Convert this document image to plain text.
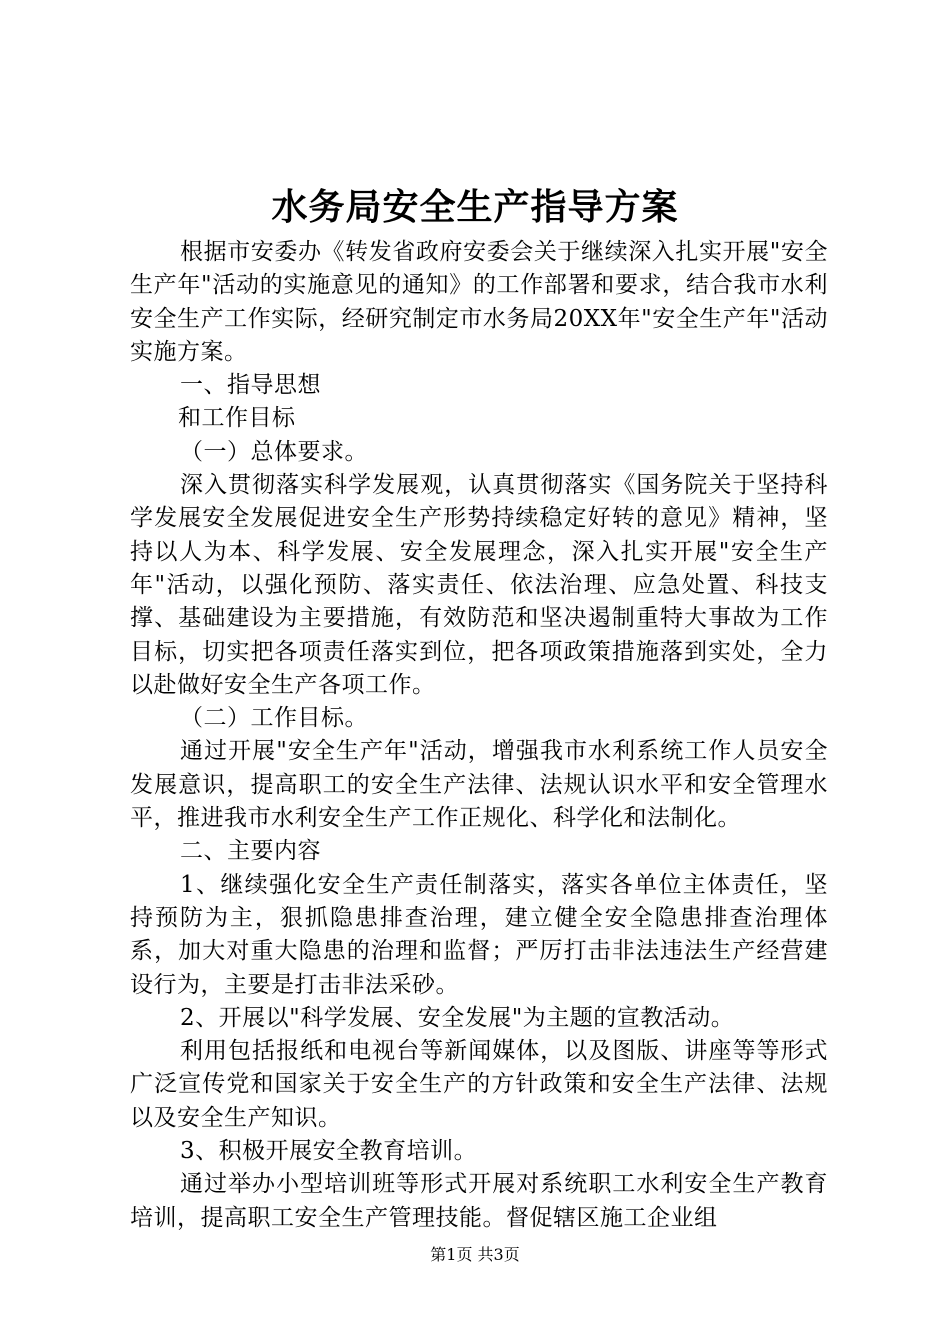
水务局安全生产指导方案

根据市安委办《转发省政府安委会关于继续深入扎实开展"安全生产年"活动的实施意见的通知》的工作部署和要求，结合我市水利安全生产工作实际，经研究制定市水务局20XX年"安全生产年"活动实施方案。

一、指导思想

和工作目标

（一）总体要求。

深入贯彻落实科学发展观，认真贯彻落实《国务院关于坚持科学发展安全发展促进安全生产形势持续稳定好转的意见》精神，坚持以人为本、科学发展、安全发展理念，深入扎实开展"安全生产年"活动，以强化预防、落实责任、依法治理、应急处置、科技支撑、基础建设为主要措施，有效防范和坚决遏制重特大事故为工作目标，切实把各项责任落实到位，把各项政策措施落到实处，全力以赴做好安全生产各项工作。

（二）工作目标。

通过开展"安全生产年"活动，增强我市水利系统工作人员安全发展意识，提高职工的安全生产法律、法规认识水平和安全管理水平，推进我市水利安全生产工作正规化、科学化和法制化。

二、主要内容

1、继续强化安全生产责任制落实，落实各单位主体责任，坚持预防为主，狠抓隐患排查治理，建立健全安全隐患排查治理体系，加大对重大隐患的治理和监督；严厉打击非法违法生产经营建设行为，主要是打击非法采砂。

2、开展以"科学发展、安全发展"为主题的宣教活动。

利用包括报纸和电视台等新闻媒体，以及图版、讲座等等形式广泛宣传党和国家关于安全生产的方针政策和安全生产法律、法规以及安全生产知识。

3、积极开展安全教育培训。

通过举办小型培训班等形式开展对系统职工水利安全生产教育培训，提高职工安全生产管理技能。督促辖区施工企业组

第1页 共3页
